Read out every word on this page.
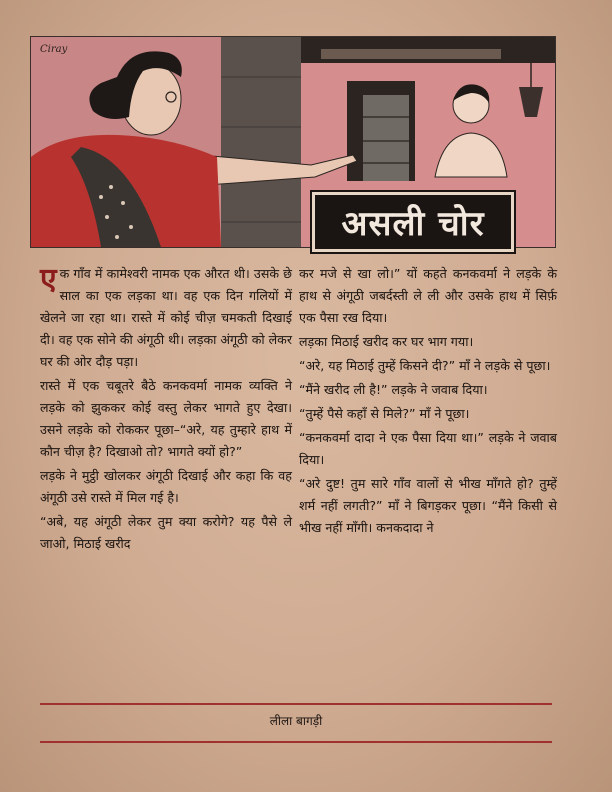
Ciray
असली चोर

एक गाँव में कामेश्वरी नामक एक औरत थी। उसके छे साल का एक लड़का था। वह एक दिन गलियों में खेलने जा रहा था। रास्ते में कोई चीज़ चमकती दिखाई दी। वह एक सोने की अंगूठी थी। लड़का अंगूठी को लेकर घर की ओर दौड़ पड़ा।

रास्ते में एक चबूतरे बैठे कनकवर्मा नामक व्यक्ति ने लड़के को झुककर कोई वस्तु लेकर भागते हुए देखा। उसने लड़के को रोककर पूछा–“अरे, यह तुम्हारे हाथ में कौन चीज़ है? दिखाओ तो? भागते क्यों हो?”

लड़के ने मुट्ठी खोलकर अंगूठी दिखाई और कहा कि वह अंगूठी उसे रास्ते में मिल गई है।

“अबे, यह अंगूठी लेकर तुम क्या करोगे? यह पैसे ले जाओ, मिठाई खरीद

कर मजे से खा लो।” यों कहते कनकवर्मा ने लड़के के हाथ से अंगूठी जबर्दस्ती ले ली और उसके हाथ में सिर्फ़ एक पैसा रख दिया।

लड़का मिठाई खरीद कर घर भाग गया।

“अरे, यह मिठाई तुम्हें किसने दी?” माँ ने लड़के से पूछा।

“मैंने खरीद ली है!” लड़के ने जवाब दिया।

“तुम्हें पैसे कहाँ से मिले?” माँ ने पूछा।

“कनकवर्मा दादा ने एक पैसा दिया था।” लड़के ने जवाब दिया।

“अरे दुष्ट! तुम सारे गाँव वालों से भीख माँगते हो? तुम्हें शर्म नहीं लगती?” माँ ने बिगड़कर पूछा। “मैंने किसी से भीख नहीं माँगी। कनकदादा ने

लीला बागड़ी
